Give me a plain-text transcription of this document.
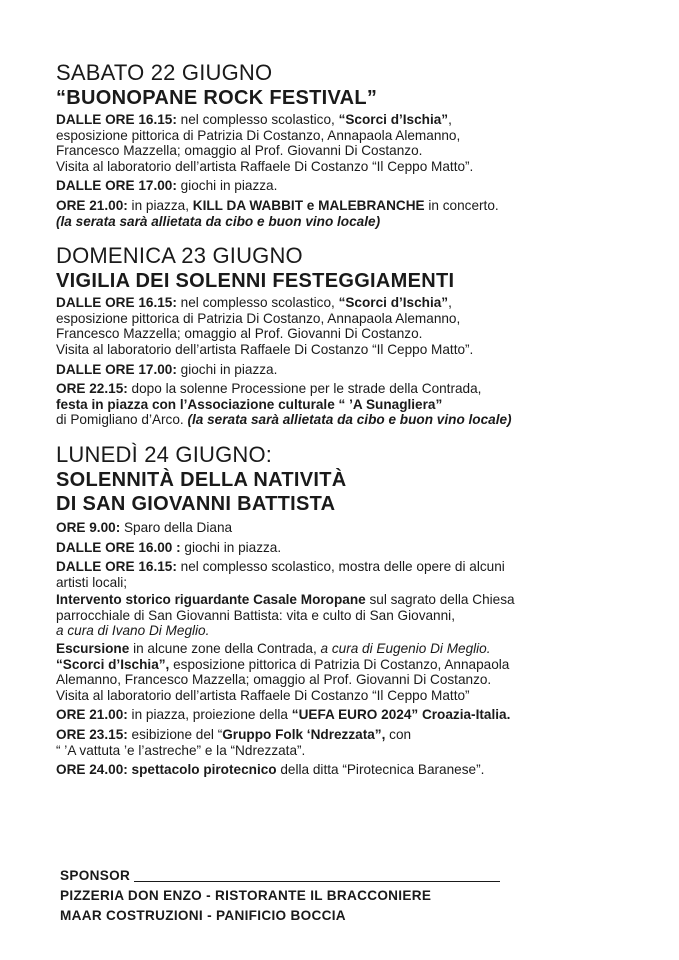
SABATO 22 GIUGNO
“BUONOPANE ROCK FESTIVAL”
DALLE ORE 16.15: nel complesso scolastico, “Scorci d’Ischia”,
esposizione pittorica di Patrizia Di Costanzo, Annapaola Alemanno,
Francesco Mazzella; omaggio al Prof. Giovanni Di Costanzo.
Visita al laboratorio dell’artista Raffaele Di Costanzo “Il Ceppo Matto”.
DALLE ORE 17.00: giochi in piazza.
ORE 21.00: in piazza, KILL DA WABBIT e MALEBRANCHE in concerto.
(la serata sarà allietata da cibo e buon vino locale)
DOMENICA 23 GIUGNO
VIGILIA DEI SOLENNI FESTEGGIAMENTI
DALLE ORE 16.15: nel complesso scolastico, “Scorci d’Ischia”,
esposizione pittorica di Patrizia Di Costanzo, Annapaola Alemanno,
Francesco Mazzella; omaggio al Prof. Giovanni Di Costanzo.
Visita al laboratorio dell’artista Raffaele Di Costanzo “Il Ceppo Matto”.
DALLE ORE 17.00: giochi in piazza.
ORE 22.15: dopo la solenne Processione per le strade della Contrada,
festa in piazza con l’Associazione culturale “ ’A Sunagliera”
di Pomigliano d’Arco. (la serata sarà allietata da cibo e buon vino locale)
LUNEDÌ 24 GIUGNO:
SOLENNITÀ DELLA NATIVITÀ
DI SAN GIOVANNI BATTISTA
ORE 9.00: Sparo della Diana
DALLE ORE 16.00 : giochi in piazza.
DALLE ORE 16.15: nel complesso scolastico, mostra delle opere di alcuni
artisti locali;
Intervento storico riguardante Casale Moropane sul sagrato della Chiesa
parrocchiale di San Giovanni Battista: vita e culto di San Giovanni,
a cura di Ivano Di Meglio.
Escursione in alcune zone della Contrada, a cura di Eugenio Di Meglio.
“Scorci d’Ischia”, esposizione pittorica di Patrizia Di Costanzo, Annapaola
Alemanno, Francesco Mazzella; omaggio al Prof. Giovanni Di Costanzo.
Visita al laboratorio dell’artista Raffaele Di Costanzo “Il Ceppo Matto”
ORE 21.00: in piazza, proiezione della “UEFA EURO 2024” Croazia-Italia.
ORE 23.15: esibizione del “Gruppo Folk ‘Ndrezzata”, con
“ ’A vattuta ’e l’astreche” e la “Ndrezzata”.
ORE 24.00: spettacolo pirotecnico della ditta “Pirotecnica Baranese”.
SPONSOR
PIZZERIA DON ENZO - RISTORANTE IL BRACCONIERE
MAAR COSTRUZIONI - PANIFICIO BOCCIA
